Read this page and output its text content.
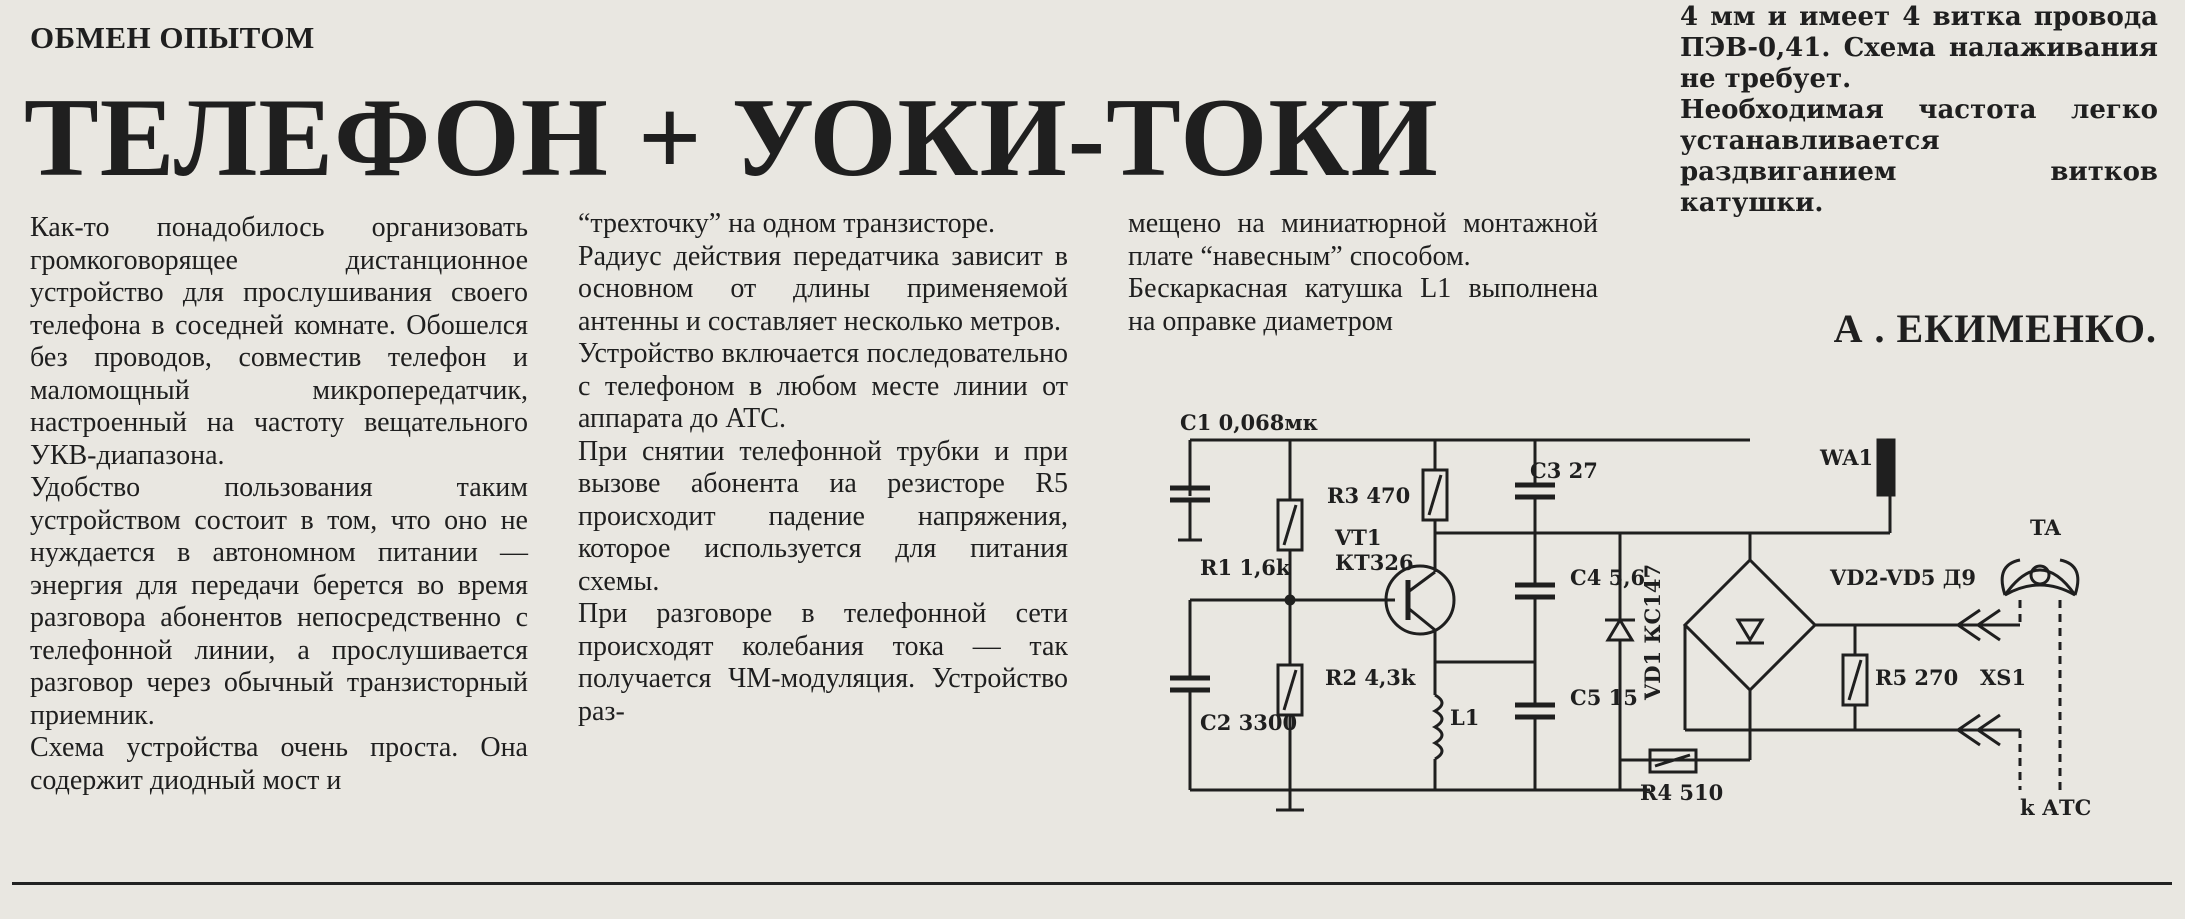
ОБМЕН ОПЫТОМ
ТЕЛЕФОН + УОКИ-ТОКИ

Как-то понадобилось организовать громкоговорящее дистанционное устройство для прослушивания своего телефона в соседней комнате. Обошелся без проводов, совместив телефон и маломощный микропередатчик, настроенный на частоту вещательного УКВ-диапазона.

Удобство пользования таким устройством состоит в том, что оно не нуждается в автономном питании — энергия для передачи берется во время разговора абонентов непосредственно с телефонной линии, а прослушивается разговор через обычный транзисторный приемник.

Схема устройства очень проста. Она содержит диодный мост и

“трехточку” на одном транзисторе.

Радиус действия передатчика зависит в основном от длины применяемой антенны и составляет несколько метров.

Устройство включается последовательно с телефоном в любом месте линии от аппарата до АТС.

При снятии телефонной трубки и при вызове абонента иа резисторе R5 происходит падение напряжения, которое используется для питания схемы.

При разговоре в телефонной сети происходят колебания тока — так получается ЧМ-модуляция. Устройство раз-

мещено на миниатюрной монтажной плате “навесным” способом.

Бескаркасная катушка L1 выполнена на оправке диаметром

4 мм и имеет 4 витка провода ПЭВ-0,41. Схема налаживания не требует.

Необходимая частота легко устанавливается раздвиганием витков катушки.

А . ЕКИМЕНКО.
C1 0,068мк
R3 470
C3 27
WA1
VT1
КТ326
R1 1,6k	C4 5,6
VD1 КС147	VD2-VD5 Д9
TA
R2 4,3k
L1
C5 15
C2 3300
R5 270 XS1
R4 510
k АТС
